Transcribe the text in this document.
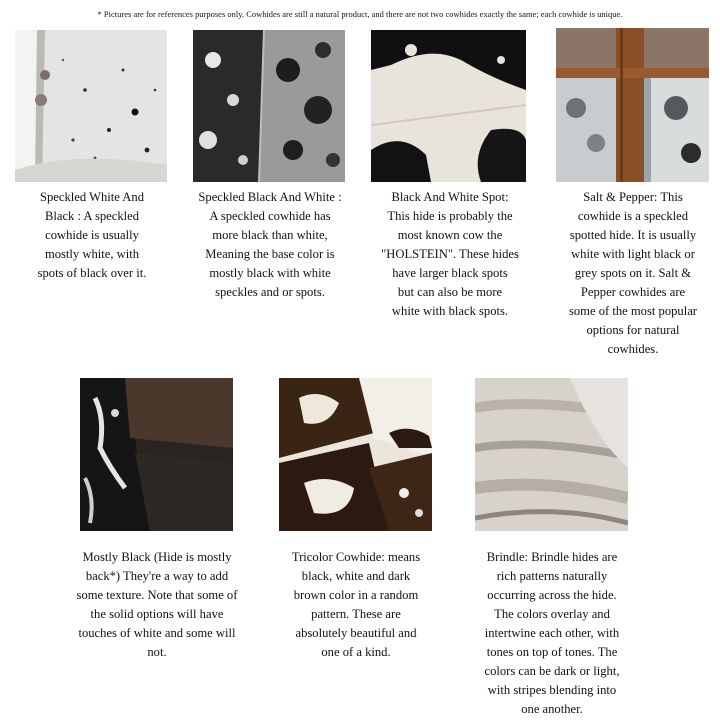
* Pictures are for references purposes only. Cowhides are still a natural product, and there are not two cowhides exactly the same; each cowhide is unique.
Speckled White And
Black : A speckled
cowhide is usually
mostly white, with
spots of black over it.
Speckled Black And White :
A speckled cowhide has
more black than white,
Meaning the base color is
mostly black with white
speckles and or spots.
Black And White Spot:
This hide is probably the
most known cow the
"HOLSTEIN". These hides
have larger black spots
but can also be more
white with black spots.
Salt & Pepper: This
cowhide is a speckled
spotted hide. It is usually
white with light black or
grey spots on it. Salt &
Pepper cowhides are
some of the most popular
options for natural
cowhides.
Mostly Black (Hide is mostly
back*) They're a way to add
some texture. Note that some of
the solid options will have
touches of white and some will
not.
Tricolor Cowhide: means
black, white and dark
brown color in a random
pattern. These are
absolutely beautiful and
one of a kind.
Brindle: Brindle hides are
rich patterns naturally
occurring across the hide.
The colors overlay and
intertwine each other, with
tones on top of tones. The
colors can be dark or light,
with stripes blending into
one another.
